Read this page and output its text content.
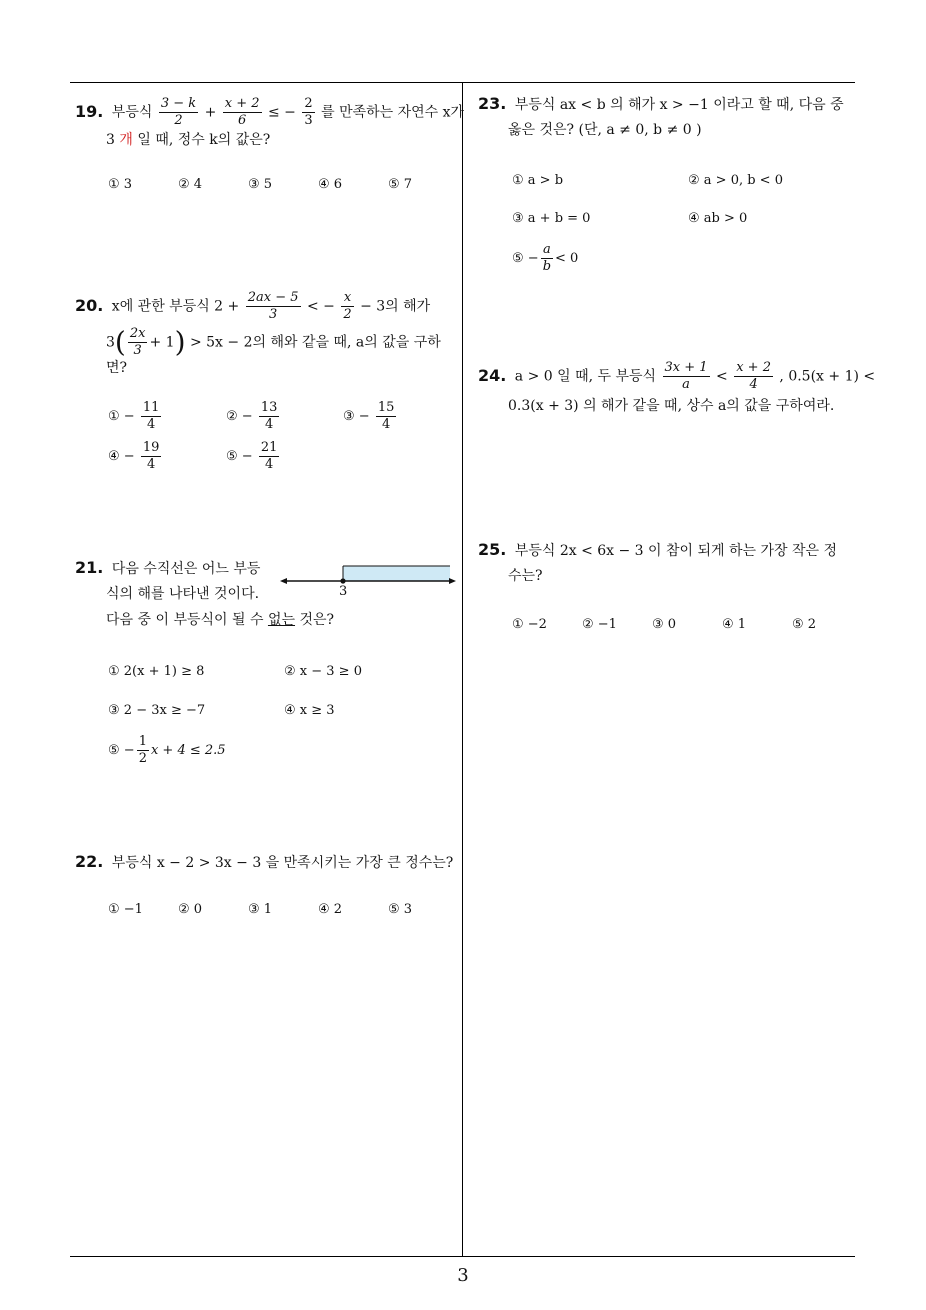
19. 부등식 $\frac{3 - k}{2} + \frac{x + 2}{6}$ ≤ − $\frac{2}{3}$ 를 만족하는 자연수 x가
3 개 일 때, 정수 k의 값은?
① 3	② 4	③ 5	④ 6	⑤ 7
20. x에 관한 부등식 $2 + \frac{2ax - 5}{3}$ < − $\frac{x}{2} - 3$의 해가
$3( \frac{2x}{3} + 1) > 5x - 2$의 해와 같을 때, a의 값을 구하
면?
① − $\frac{11}{4}$	② − $\frac{13}{4}$	③ − $\frac{15}{4}$
④ − $\frac{19}{4}$	⑤ − $\frac{21}{4}$
21. 다음 수직선은 어느 부등
식의 해를 나타낸 것이다.
다음 중 이 부등식이 될 수 없는 것은?
3
① 2(x + 1) ≥ 8	② x − 3 ≥ 0
③ 2 − 3x ≥ −7	④ x ≥ 3
⑤ − $\frac{1}{2}$ x + 4 ≤ 2.5
22. 부등식 x − 2 > 3x − 3 을 만족시키는 가장 큰 정수는?
① −1	② 0	③ 1	④ 2	⑤ 3
23. 부등식 ax < b 의 해가 x > −1 이라고 할 때, 다음 중
옳은 것은? (단, a ≠ 0, b ≠ 0 )
① a > b	② a > 0, b < 0
③ a + b = 0	④ ab > 0
⑤ − $\frac{a}{b} < 0$
24. a > 0 일 때, 두 부등식 $\frac{3x + 1}{a} < \frac{x + 2}{4}$ , 0.5(x + 1) <
0.3(x + 3) 의 해가 같을 때, 상수 a의 값을 구하여라.
25. 부등식 2x < 6x − 3 이 참이 되게 하는 가장 작은 정
수는?
① −2	② −1	③ 0	④ 1	⑤ 2
3
